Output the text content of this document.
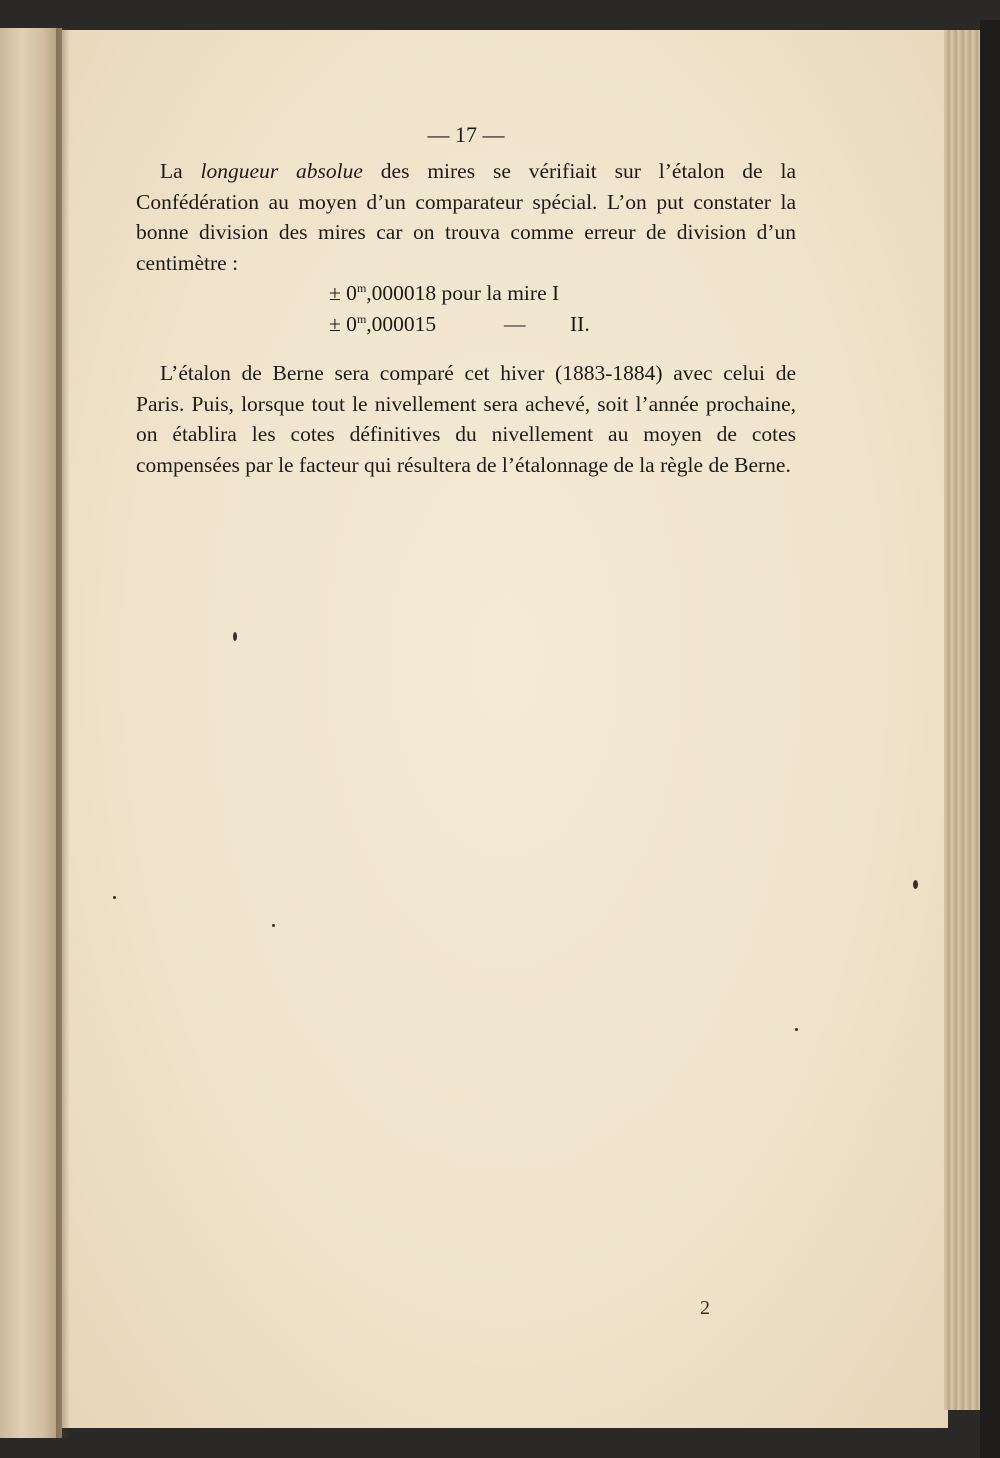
— 17 —

La longueur absolue des mires se vérifiait sur l’étalon de la Confédération au moyen d’un comparateur spécial. L’on put constater la bonne division des mires car on trouva comme erreur de division d’un centimètre :

± $0^m,000018$ pour la mire I
± $0^m,000015$	— II.

L’étalon de Berne sera comparé cet hiver (1883-1884) avec celui de Paris. Puis, lorsque tout le nivellement sera achevé, soit l’année prochaine, on établira les cotes définitives du nivellement au moyen de cotes compensées par le facteur qui résultera de l’étalonnage de la règle de Berne.

2
